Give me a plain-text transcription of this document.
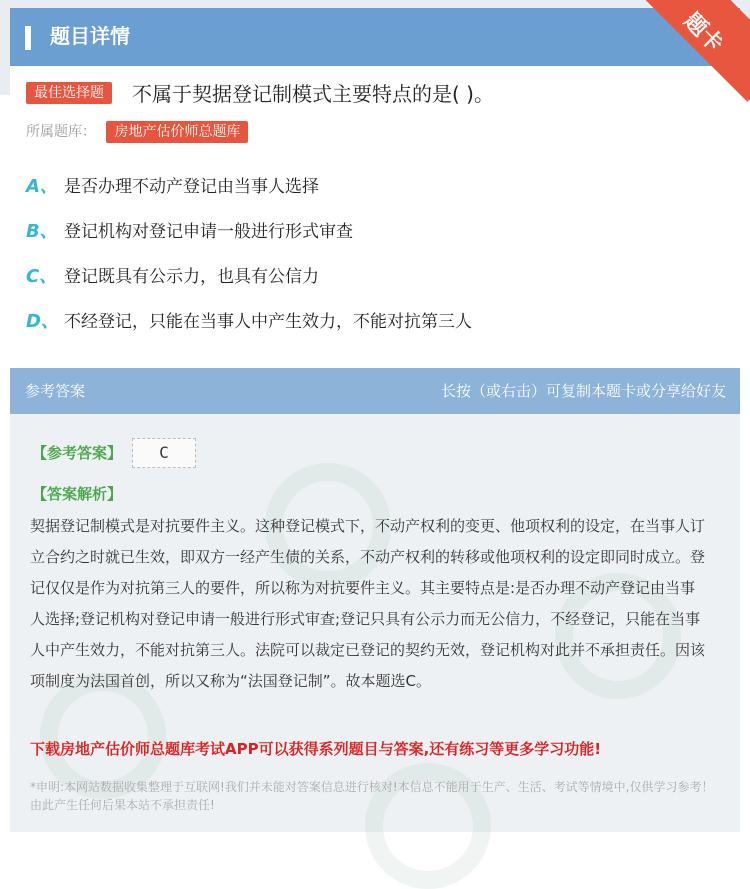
题目详情	题卡
最佳选择题	不属于契据登记制模式主要特点的是( )。
所属题库： 房地产估价师总题库
A、 是否办理不动产登记由当事人选择
B、 登记机构对登记申请一般进行形式审查
C、 登记既具有公示力，也具有公信力
D、 不经登记，只能在当事人中产生效力，不能对抗第三人
参考答案	长按（或右击）可复制本题卡或分享给好友
【参考答案】	C
【答案解析】
契据登记制模式是对抗要件主义。这种登记模式下，不动产权利的变更、他项权利的设定，在当事人订立合约之时就已生效，即双方一经产生债的关系，不动产权利的转移或他项权利的设定即同时成立。登记仅仅是作为对抗第三人的要件，所以称为对抗要件主义。其主要特点是:是否办理不动产登记由当事人选择;登记机构对登记申请一般进行形式审查;登记只具有公示力而无公信力，不经登记，只能在当事人中产生效力，不能对抗第三人。法院可以裁定已登记的契约无效，登记机构对此并不承担责任。因该项制度为法国首创，所以又称为“法国登记制”。故本题选C。
下载房地产估价师总题库考试APP可以获得系列题目与答案,还有练习等更多学习功能!
*申明:本网站数据收集整理于互联网!我们并未能对答案信息进行核对!本信息不能用于生产、生活、考试等情境中,仅供学习参考！由此产生任何后果本站不承担责任!
